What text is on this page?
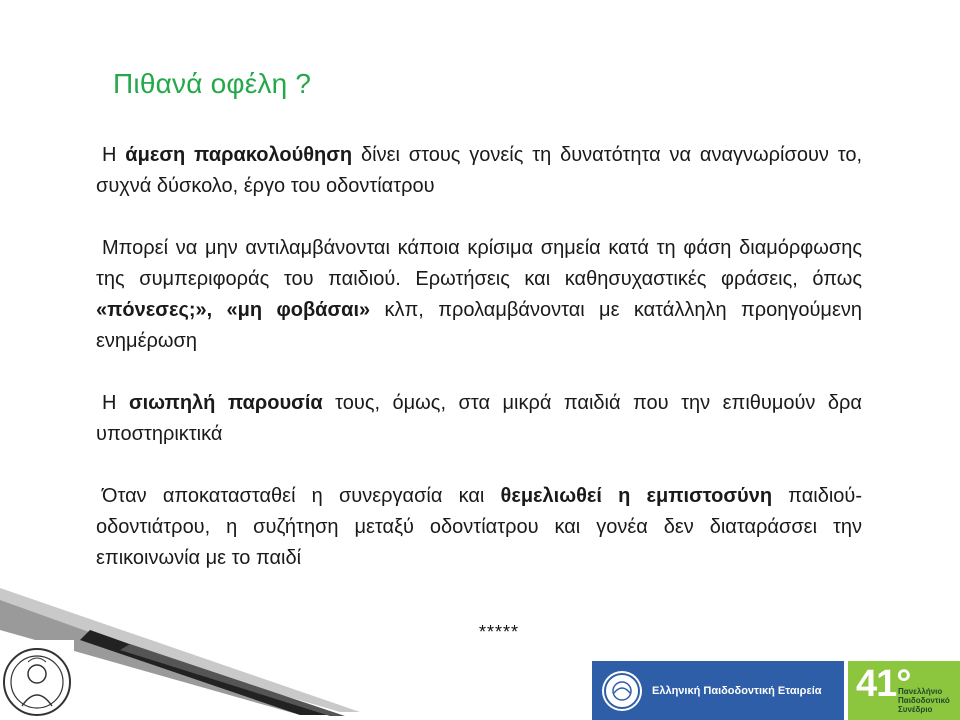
Πιθανά οφέλη ?

Η άμεση παρακολούθηση δίνει στους γονείς τη δυνατότητα να αναγνωρίσουν το, συχνά δύσκολο, έργο του οδοντίατρου

Μπορεί να μην αντιλαμβάνονται κάποια κρίσιμα σημεία κατά τη φάση διαμόρφωσης της συμπεριφοράς του παιδιού. Ερωτήσεις και καθησυχαστικές φράσεις, όπως «πόνεσες;», «μη φοβάσαι» κλπ, προλαμβάνονται με κατάλληλη προηγούμενη ενημέρωση

Η σιωπηλή παρουσία τους, όμως, στα μικρά παιδιά που την επιθυμούν δρα υποστηρικτικά

Όταν αποκατασταθεί η συνεργασία και θεμελιωθεί η εμπιστοσύνη παιδιού-οδοντιάτρου, η συζήτηση μεταξύ οδοντίατρου και γονέα δεν διαταράσσει την επικοινωνία με το παιδί

*****
Ελληνική Παιδοδοντική Εταιρεία 41°
Πανελλήνιο
Παιδοδοντικό
Συνέδριο
